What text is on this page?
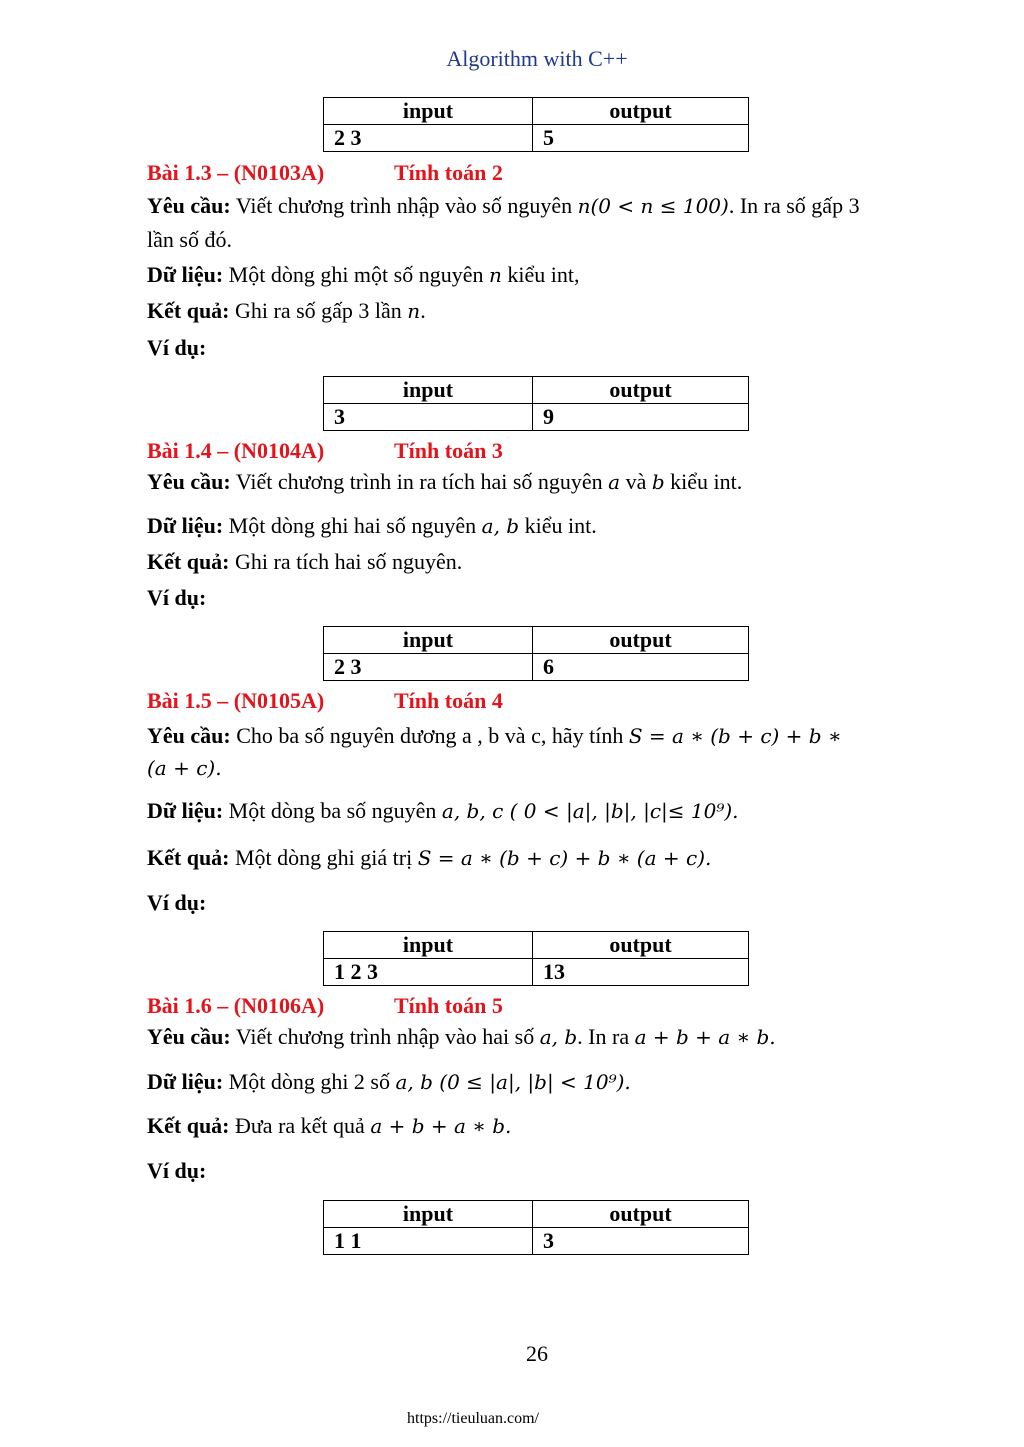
Algorithm with C++
input	output
2 3	5
Bài 1.3 – (N0103A)	Tính toán 2
Yêu cầu: Viết chương trình nhập vào số nguyên n(0 < n ≤ 100). In ra số gấp 3
lần số đó.
Dữ liệu: Một dòng ghi một số nguyên n kiểu int,
Kết quả: Ghi ra số gấp 3 lần n.
Ví dụ:
input	output
3	9
Bài 1.4 – (N0104A)	Tính toán 3
Yêu cầu: Viết chương trình in ra tích hai số nguyên a và b kiểu int.
Dữ liệu: Một dòng ghi hai số nguyên a, b kiểu int.
Kết quả: Ghi ra tích hai số nguyên.
Ví dụ:
input	output
2 3	6
Bài 1.5 – (N0105A)	Tính toán 4
Yêu cầu: Cho ba số nguyên dương a , b và c, hãy tính S = a ∗ (b + c) + b ∗
(a + c).
Dữ liệu: Một dòng ba số nguyên a, b, c ( 0 < |a|, |b|, |c|≤ 10⁹).
Kết quả: Một dòng ghi giá trị S = a ∗ (b + c) + b ∗ (a + c).
Ví dụ:
input	output
1 2 3	13
Bài 1.6 – (N0106A)	Tính toán 5
Yêu cầu: Viết chương trình nhập vào hai số a, b. In ra a + b + a ∗ b.
Dữ liệu: Một dòng ghi 2 số a, b (0 ≤ |a|, |b| < 10⁹).
Kết quả: Đưa ra kết quả a + b + a ∗ b.
Ví dụ:
input	output
1 1	3
26
https://tieuluan.com/
